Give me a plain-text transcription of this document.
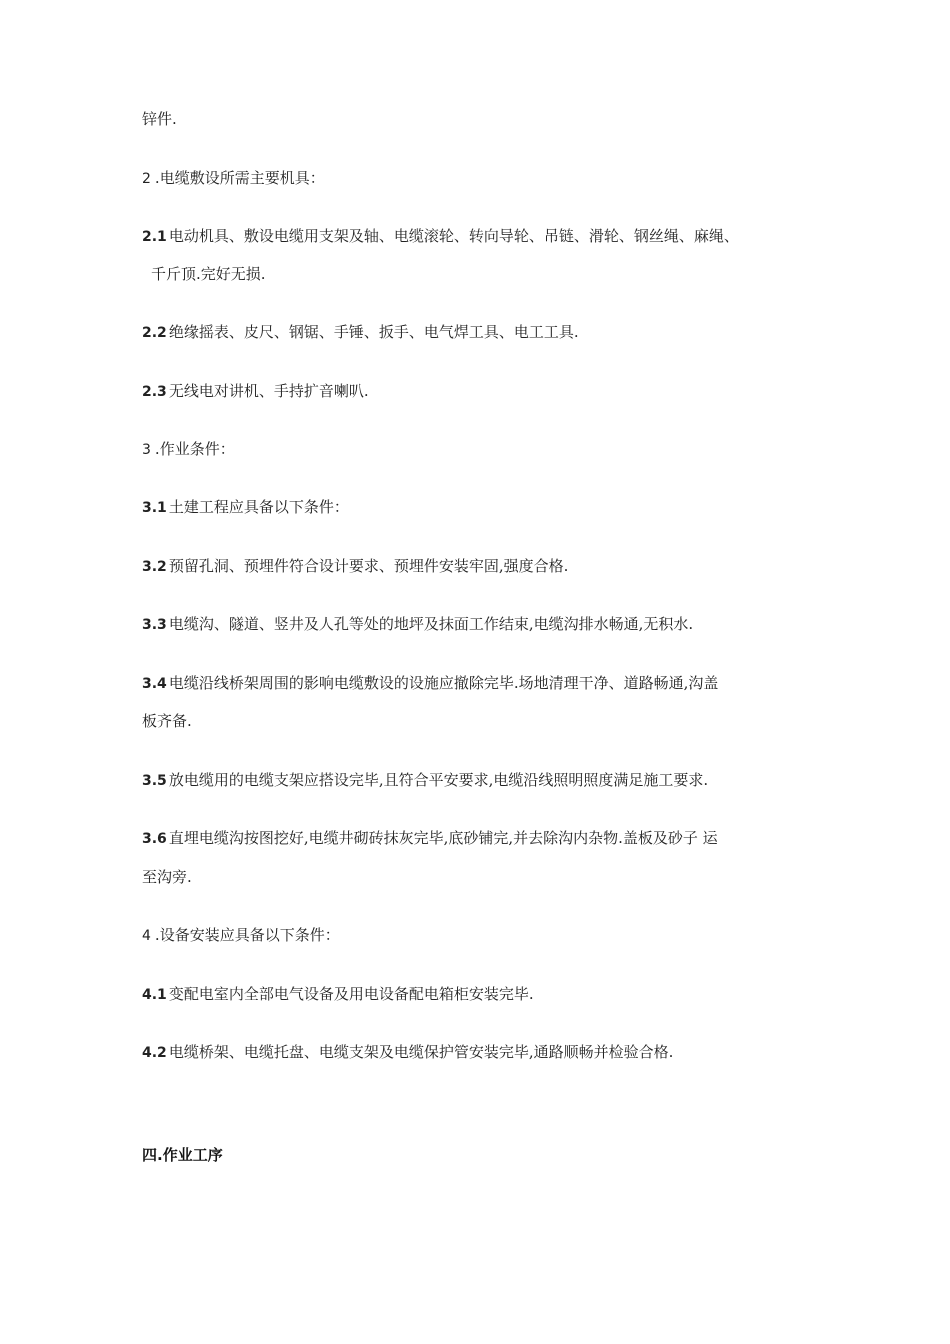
锌件.
2 .电缆敷设所需主要机具：
2.1 电动机具、敷设电缆用支架及轴、电缆滚轮、转向导轮、吊链、滑轮、钢丝绳、麻绳、
千斤顶.完好无损.
2.2 绝缘摇表、皮尺、钢锯、手锤、扳手、电气焊工具、电工工具.
2.3 无线电对讲机、手持扩音喇叭.
3 .作业条件：
3.1 土建工程应具备以下条件：
3.2 预留孔洞、预埋件符合设计要求、预埋件安装牢固,强度合格.
3.3 电缆沟、隧道、竖井及人孔等处的地坪及抹面工作结束,电缆沟排水畅通,无积水.
3.4 电缆沿线桥架周围的影响电缆敷设的设施应撤除完毕.场地清理干净、道路畅通,沟盖
板齐备.
3.5 放电缆用的电缆支架应搭设完毕,且符合平安要求,电缆沿线照明照度满足施工要求.
3.6 直埋电缆沟按图挖好,电缆井砌砖抹灰完毕,底砂铺完,并去除沟内杂物.盖板及砂子 运
至沟旁.
4 .设备安装应具备以下条件：
4.1 变配电室内全部电气设备及用电设备配电箱柜安装完毕.
4.2 电缆桥架、电缆托盘、电缆支架及电缆保护管安装完毕,通路顺畅并检验合格.
四.作业工序
